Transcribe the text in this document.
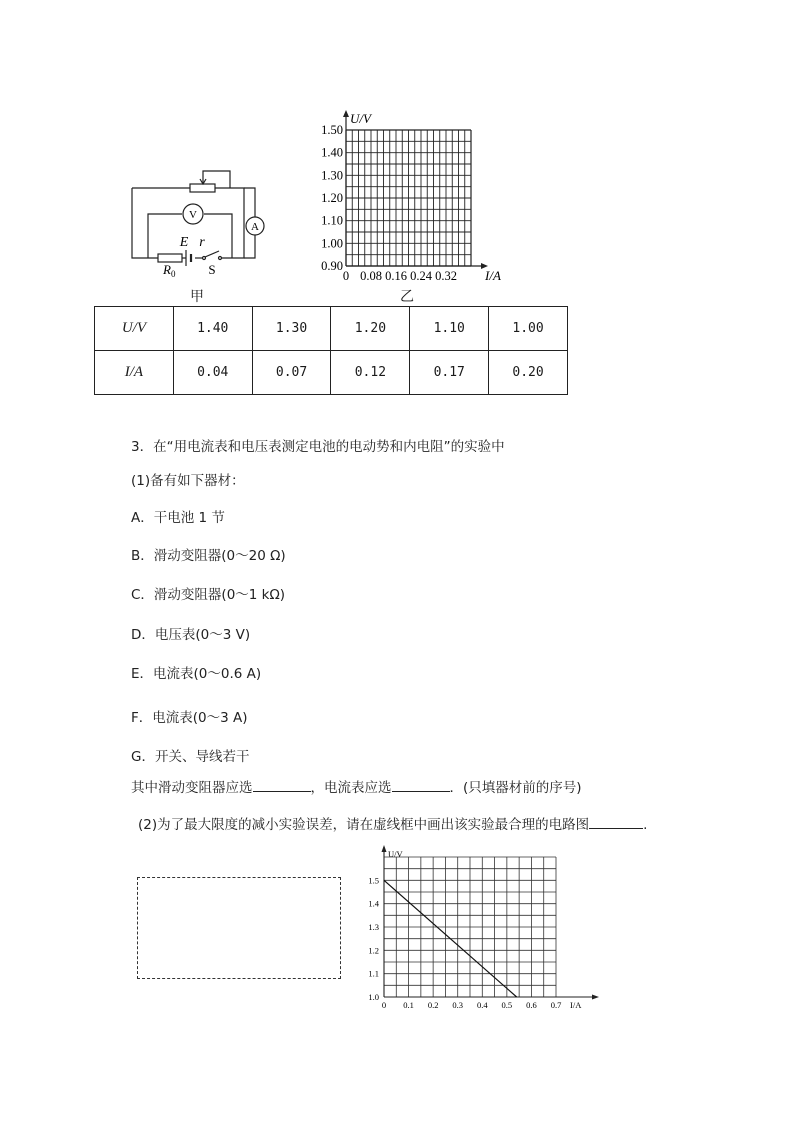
V
A
E r
$R_0$	S
甲
1.50
1.40
1.30
1.20
1.10
1.00
0.90
0 0.08 0.16 0.24 0.32
U/V
I/A
乙
U/V	1.40	1.30	1.20	1.10	1.00
I/A	0.04	0.07	0.12	0.17	0.20
3．在“用电流表和电压表测定电池的电动势和内电阻”的实验中
(1)备有如下器材：
A．干电池 1 节
B．滑动变阻器(0～20 Ω)
C．滑动变阻器(0～1 kΩ)
D．电压表(0～3 V)
E．电流表(0～0.6 A)
F．电流表(0～3 A)
G．开关、导线若干
其中滑动变阻器应选	，电流表应选	．(只填器材前的序号)
(2)为了最大限度的减小实验误差，请在虚线框中画出该实验最合理的电路图	.
1.0
1.1
1.2
1.3
1.4
1.5
0 0.1 0.2 0.3 0.4 0.5 0.6 0.7
U/V
I/A
